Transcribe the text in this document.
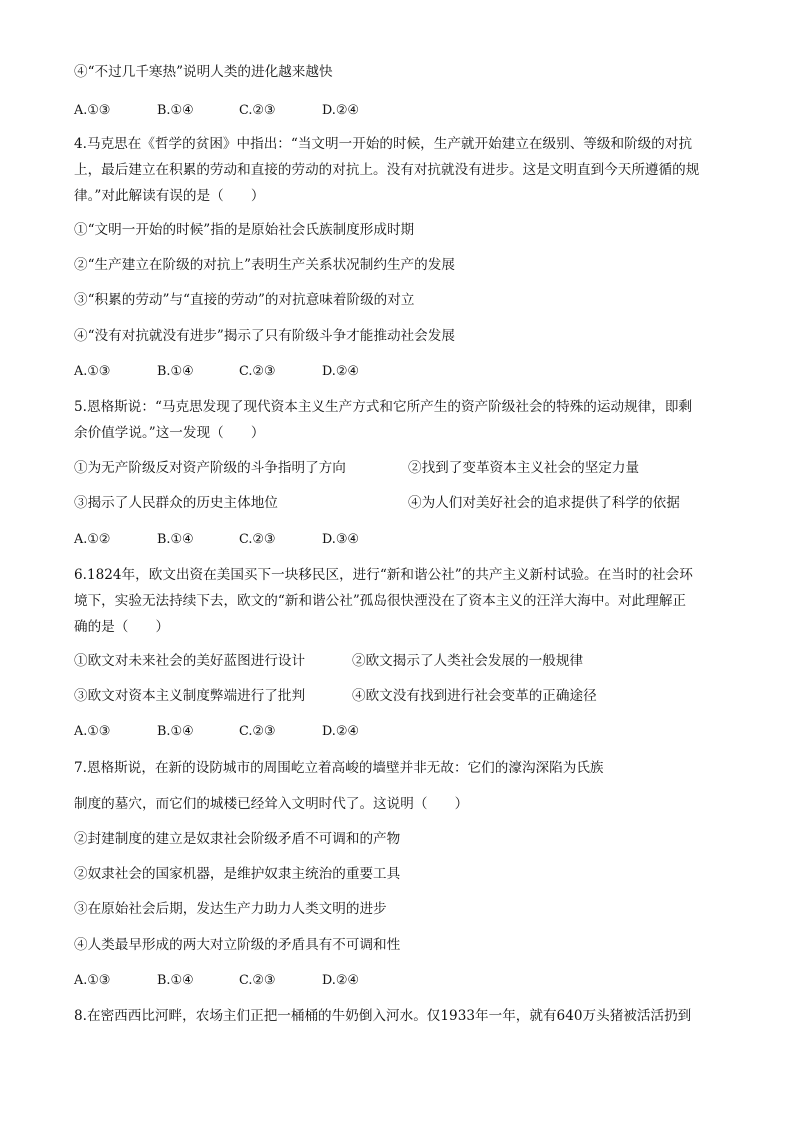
④“不过几千寒热”说明人类的进化越来越快
A.①③	B.①④	C.②③	D.②④
4.马克思在《哲学的贫困》中指出：“当文明一开始的时候，生产就开始建立在级别、等级和阶级的对抗
上，最后建立在积累的劳动和直接的劳动的对抗上。没有对抗就没有进步。这是文明直到今天所遵循的规
律。”对此解读有误的是（　　）
①“文明一开始的时候”指的是原始社会氏族制度形成时期
②“生产建立在阶级的对抗上”表明生产关系状况制约生产的发展
③“积累的劳动”与“直接的劳动”的对抗意味着阶级的对立
④“没有对抗就没有进步”揭示了只有阶级斗争才能推动社会发展
A.①③	B.①④	C.②③	D.②④
5.恩格斯说：“马克思发现了现代资本主义生产方式和它所产生的资产阶级社会的特殊的运动规律，即剩
余价值学说。”这一发现（　　）
①为无产阶级反对资产阶级的斗争指明了方向	②找到了变革资本主义社会的坚定力量
③揭示了人民群众的历史主体地位	④为人们对美好社会的追求提供了科学的依据
A.①②	B.①④	C.②③	D.③④
6.1824年，欧文出资在美国买下一块移民区，进行“新和谐公社”的共产主义新村试验。在当时的社会环
境下，实验无法持续下去，欧文的“新和谐公社”孤岛很快湮没在了资本主义的汪洋大海中。对此理解正
确的是（　　）
①欧文对未来社会的美好蓝图进行设计	②欧文揭示了人类社会发展的一般规律
③欧文对资本主义制度弊端进行了批判	④欧文没有找到进行社会变革的正确途径
A.①③	B.①④	C.②③	D.②④
7.恩格斯说，在新的设防城市的周围屹立着高峻的墙壁并非无故：它们的濠沟深陷为氏族
制度的墓穴，而它们的城楼已经耸入文明时代了。这说明（　　）
②封建制度的建立是奴隶社会阶级矛盾不可调和的产物
②奴隶社会的国家机器，是维护奴隶主统治的重要工具
③在原始社会后期，发达生产力助力人类文明的进步
④人类最早形成的两大对立阶级的矛盾具有不可调和性
A.①③	B.①④	C.②③	D.②④
8.在密西西比河畔，农场主们正把一桶桶的牛奶倒入河水。仅1933年一年，就有640万头猪被活活扔到
